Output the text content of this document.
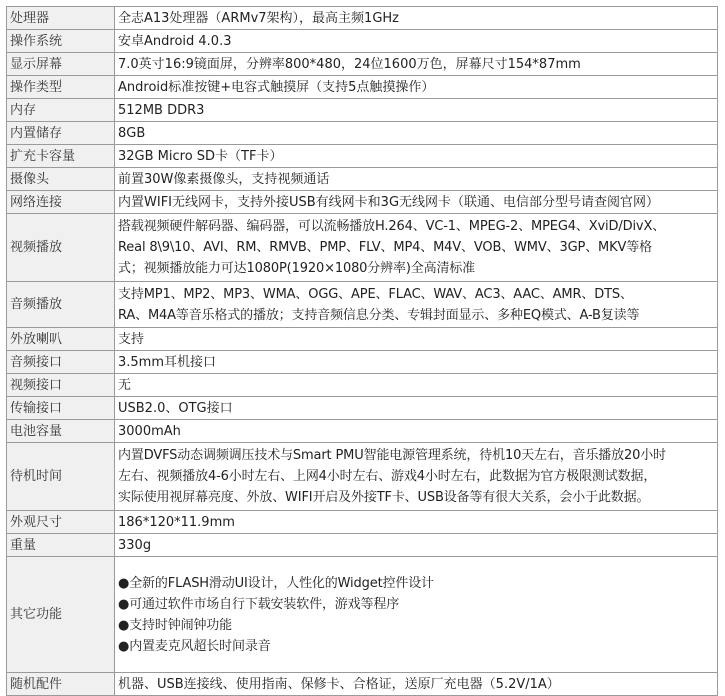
处理器	全志A13处理器（ARMv7架构），最高主频1GHz

操作系统	安卓Android 4.0.3

显示屏幕	7.0英寸16:9镜面屏，分辨率800*480，24位1600万色，屏幕尺寸154*87mm

操作类型	Android标准按键+电容式触摸屏（支持5点触摸操作）

内存	512MB DDR3

内置储存	8GB

扩充卡容量	32GB Micro SD卡（TF卡）

摄像头	前置30W像素摄像头，支持视频通话

网络连接	内置WIFI无线网卡，支持外接USB有线网卡和3G无线网卡（联通、电信部分型号请查阅官网）

视频播放	搭载视频硬件解码器、编码器，可以流畅播放H.264、VC-1、MPEG-2、MPEG4、XviD/DivX、
Real 8\9\10、AVI、RM、RMVB、PMP、FLV、MP4、M4V、VOB、WMV、3GP、MKV等格
式；视频播放能力可达1080P(1920×1080分辨率)全高清标准

音频播放	支持MP1、MP2、MP3、WMA、OGG、APE、FLAC、WAV、AC3、AAC、AMR、DTS、
RA、M4A等音乐格式的播放；支持音频信息分类、专辑封面显示、多种EQ模式、A-B复读等

外放喇叭	支持

音频接口	3.5mm耳机接口

视频接口	无

传输接口	USB2.0、OTG接口

电池容量	3000mAh

待机时间	内置DVFS动态调频调压技术与Smart PMU智能电源管理系统，待机10天左右，音乐播放20小时
左右、视频播放4-6小时左右、上网4小时左右、游戏4小时左右，此数据为官方极限测试数据，
实际使用视屏幕亮度、外放、WIFI开启及外接TF卡、USB设备等有很大关系，会小于此数据。

外观尺寸	186*120*11.9mm

重量	330g

其它功能	●全新的FLASH滑动UI设计，人性化的Widget控件设计
●可通过软件市场自行下载安装软件，游戏等程序
●支持时钟闹钟功能
●内置麦克风超长时间录音

随机配件	机器、USB连接线、使用指南、保修卡、合格证，送原厂充电器（5.2V/1A）
